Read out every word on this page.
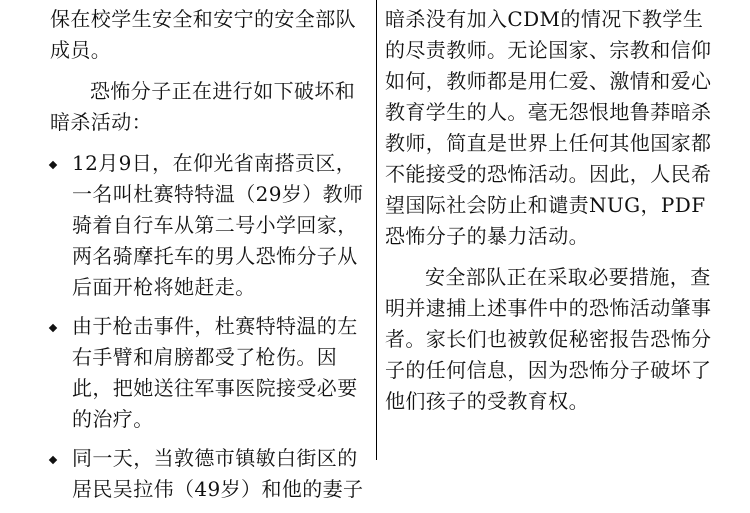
保在校学生安全和安宁的安全部队成员。

恐怖分子正在进行如下破坏和暗杀活动：

12月9日，在仰光省南搭贡区，一名叫杜赛特特温（29岁）教师骑着自行车从第二号小学回家，两名骑摩托车的男人恐怖分子从后面开枪将她赶走。
由于枪击事件，杜赛特特温的左右手臂和肩膀都受了枪伤。因此，把她送往军事医院接受必要的治疗。
同一天，当敦德市镇敏白街区的居民吴拉伟（49岁）和他的妻子

暗杀没有加入CDM的情况下教学生的尽责教师。无论国家、宗教和信仰如何，教师都是用仁爱、激情和爱心教育学生的人。毫无怨恨地鲁莽暗杀教师，简直是世界上任何其他国家都不能接受的恐怖活动。因此，人民希望国际社会防止和谴责NUG，PDF恐怖分子的暴力活动。

安全部队正在采取必要措施，查明并逮捕上述事件中的恐怖活动肇事者。家长们也被敦促秘密报告恐怖分子的任何信息，因为恐怖分子破坏了他们孩子的受教育权。
